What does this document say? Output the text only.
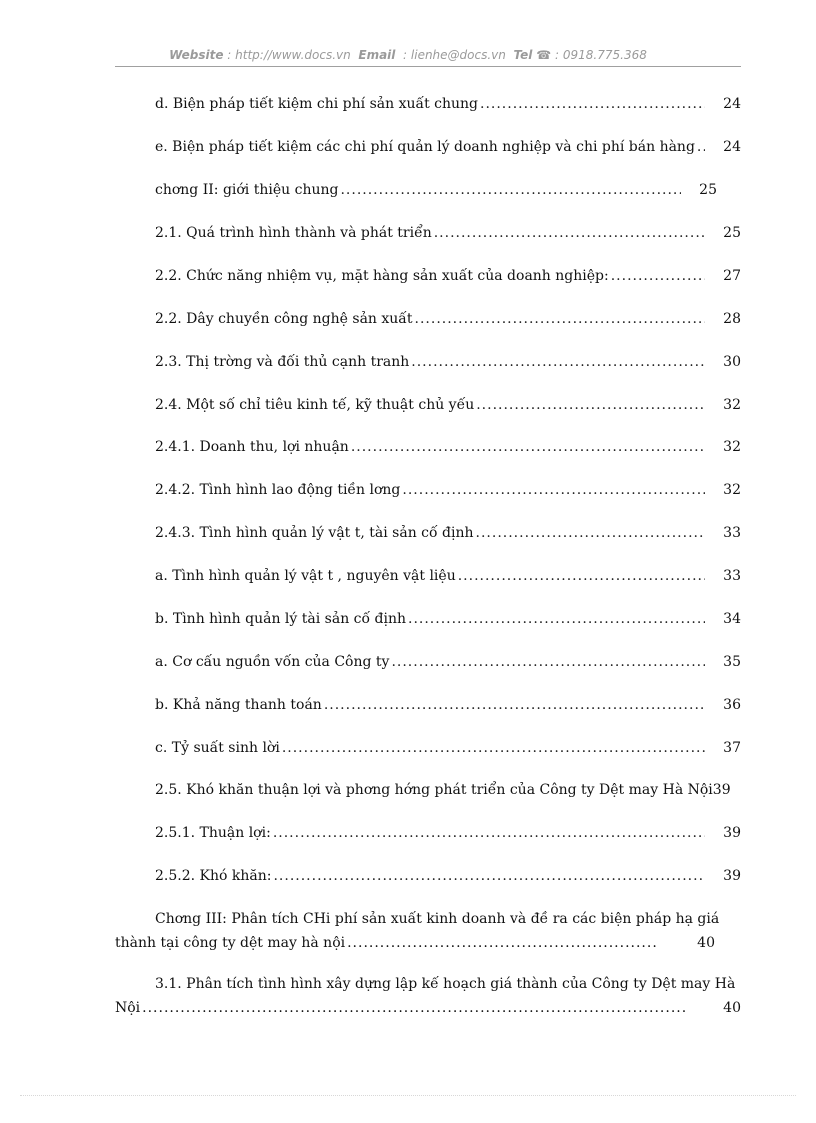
Website : http://www.docs.vn Email : lienhe@docs.vn Tel ☎ : 0918.775.368
d. Biện pháp tiết kiệm chi phí sản xuất chung .....	24
e. Biện pháp tiết kiệm các chi phí quản lý doanh nghiệp và chi phí bán hàng .....	24
chơng II: giới thiệu chung .....	25
2.1. Quá trình hình thành và phát triển .....	25
2.2. Chức năng nhiệm vụ, mặt hàng sản xuất của doanh nghiệp: .....	27
2.2. Dây chuyền công nghệ sản xuất .....	28
2.3. Thị trờng và đối thủ cạnh tranh .....	30
2.4. Một số chỉ tiêu kinh tế, kỹ thuật chủ yếu .....	32
2.4.1. Doanh thu, lợi nhuận .....	32
2.4.2. Tình hình lao động tiền lơng .....	32
2.4.3. Tình hình quản lý vật t, tài sản cố định .....	33
a. Tình hình quản lý vật t , nguyên vật liệu .....	33
b. Tình hình quản lý tài sản cố định .....	34
a. Cơ cấu nguồn vốn của Công ty .....	35
b. Khả năng thanh toán .....	36
c. Tỷ suất sinh lời .....	37
2.5. Khó khăn thuận lợi và phơng hớng phát triển của Công ty Dệt may Hà Nội 39
2.5.1. Thuận lợi: .....	39
2.5.2. Khó khăn: .....	39
Chơng III: Phân tích CHi phí sản xuất kinh doanh và đề ra các biện pháp hạ giá
thành tại công ty dệt may hà nội .....	40
3.1. Phân tích tình hình xây dựng lập kế hoạch giá thành của Công ty Dệt may Hà
Nội .....	40
